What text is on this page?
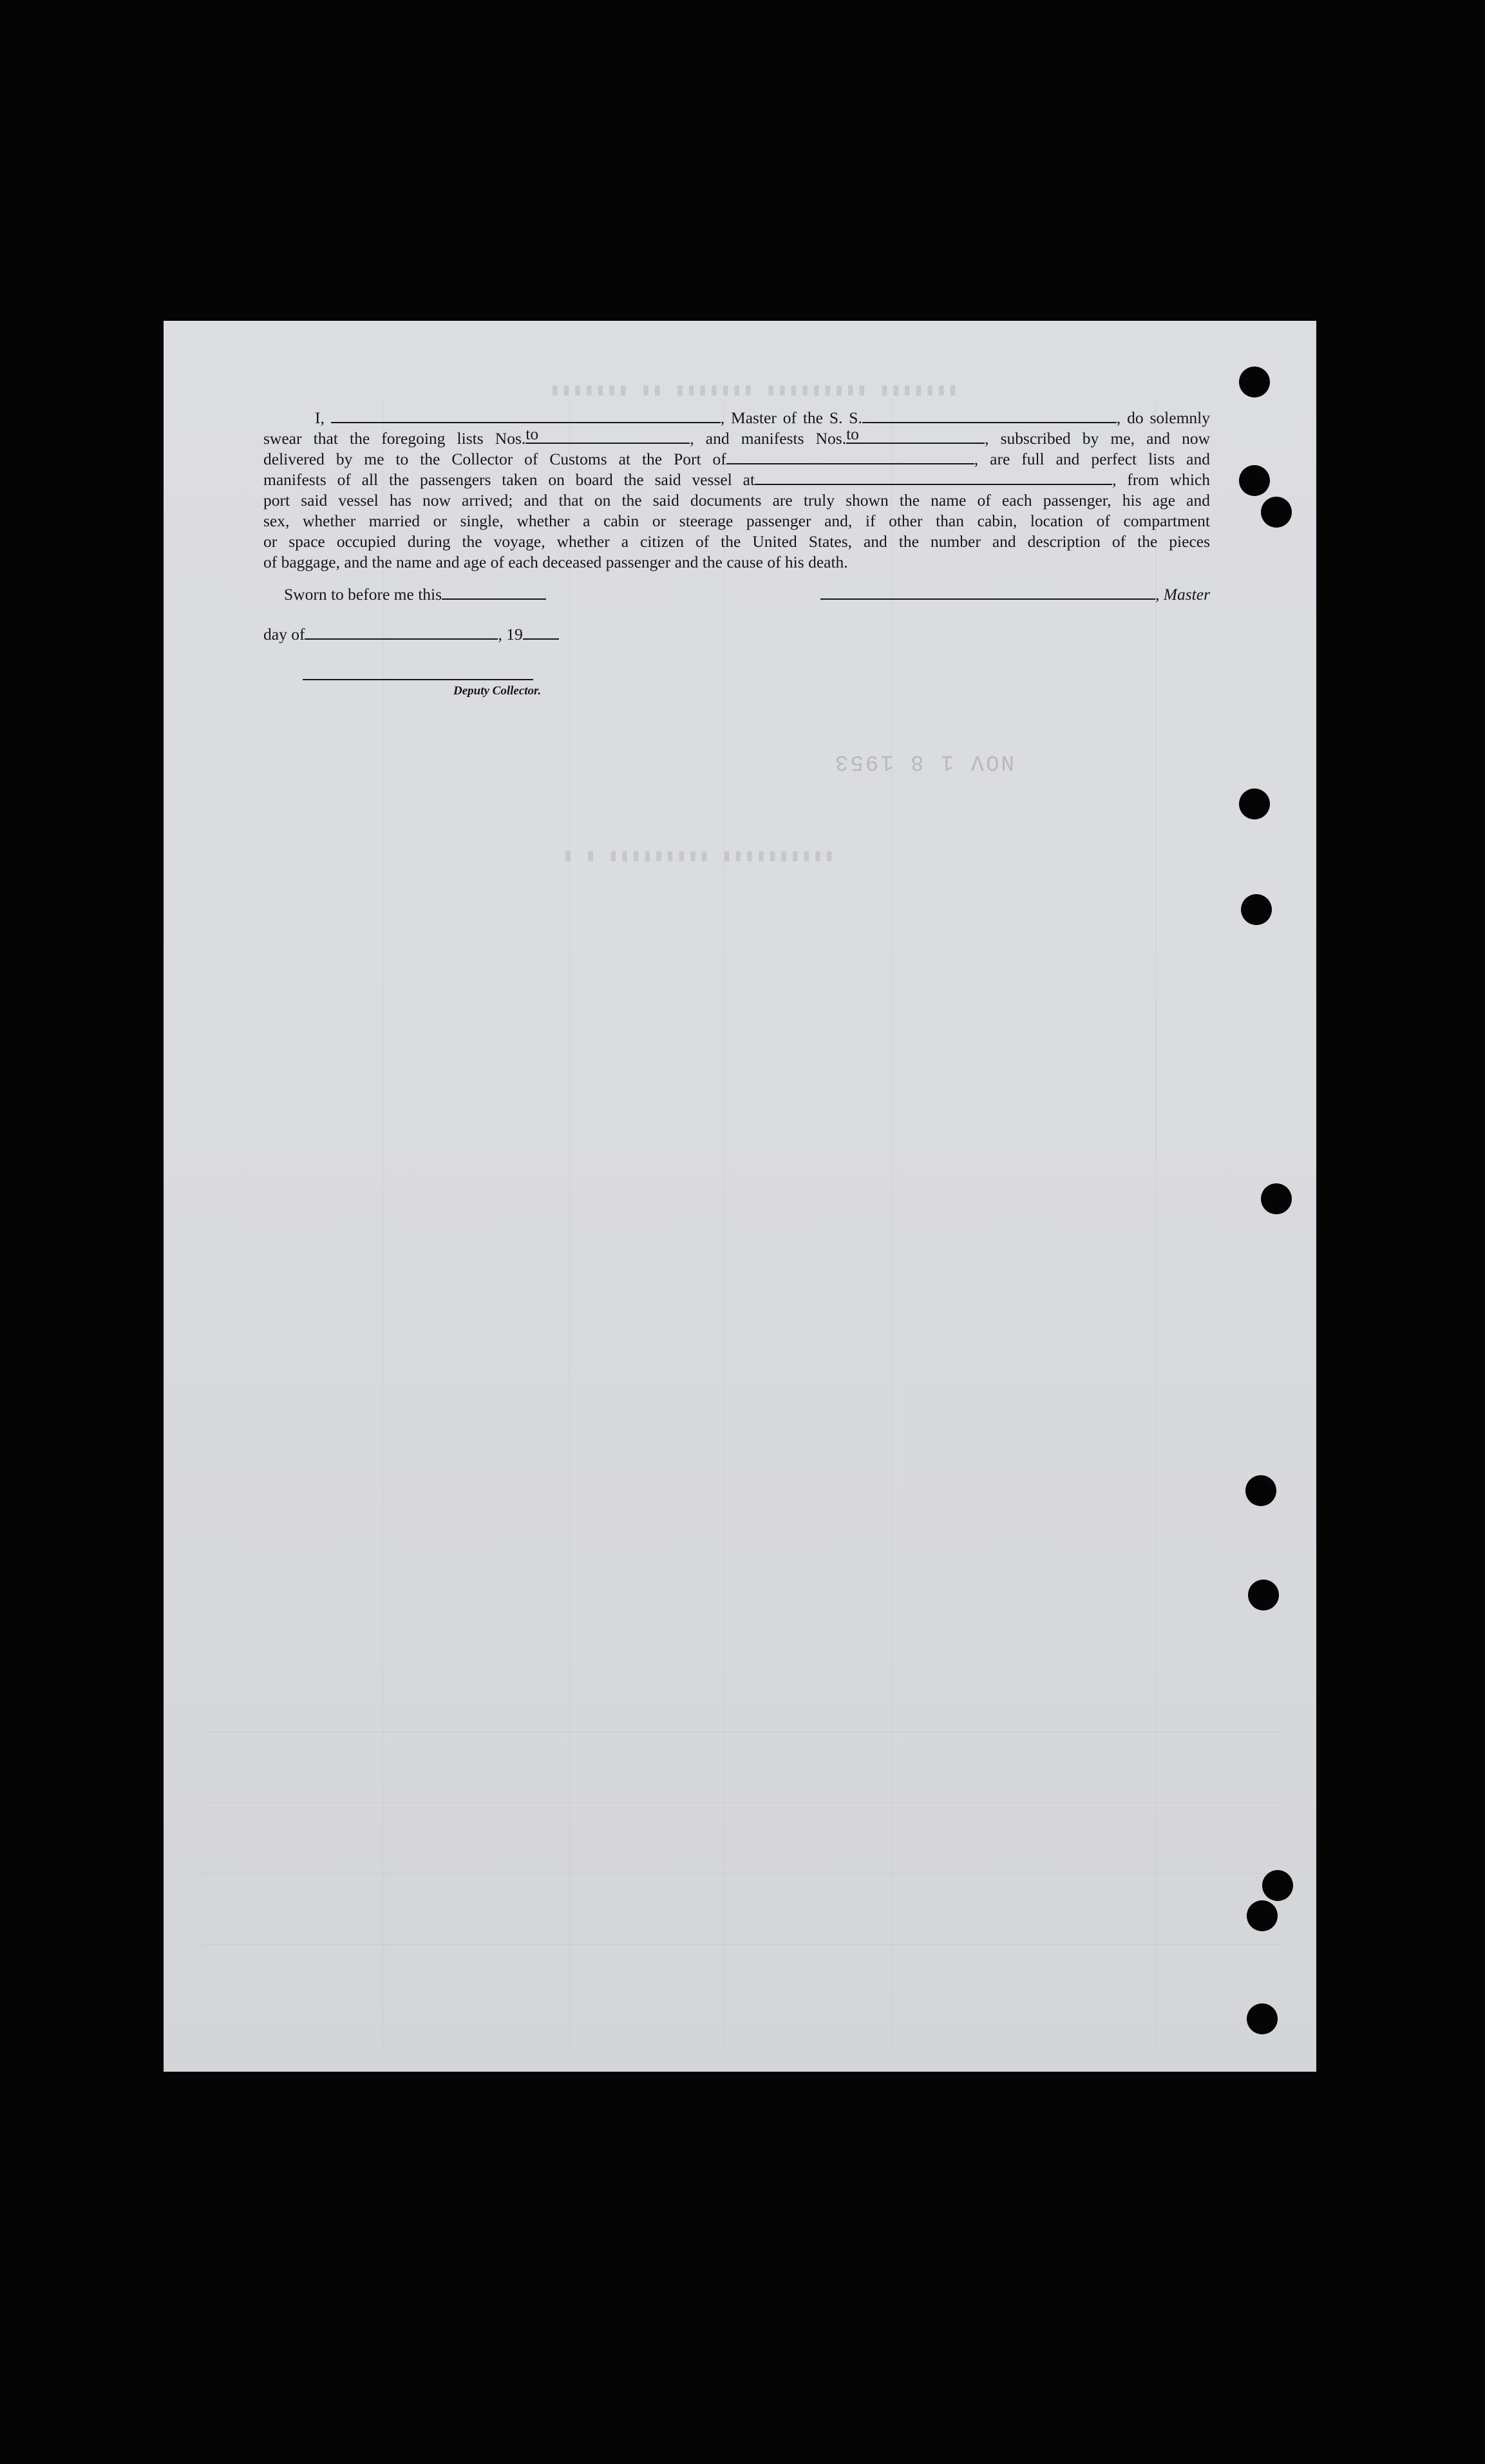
▮▮▮▮▮▮▮ ▮▮ ▮▮▮▮▮▮▮ ▮▮▮▮▮▮▮▮▮ ▮▮▮▮▮▮▮
▮ ▮ ▮▮▮▮▮▮▮▮▮ ▮▮▮▮▮▮▮▮▮▮
NOV 1 8 1953
I,	, Master of the S. S.	, do solemnly
swear that the foregoing lists Nos. to	, and manifests Nos. to	, subscribed by me, and now
delivered by me to the Collector of Customs at the Port of	, are full and perfect lists and
manifests of all the passengers taken on board the said vessel at	, from which
port said vessel has now arrived; and that on the said documents are truly shown the name of each passenger, his age and
sex, whether married or single, whether a cabin or steerage passenger and, if other than cabin, location of compartment
or space occupied during the voyage, whether a citizen of the United States, and the number and description of the pieces
of baggage, and the name and age of each deceased passenger and the cause of his death.
Sworn to before me this	, Master
day of	, 19
Deputy Collector.
